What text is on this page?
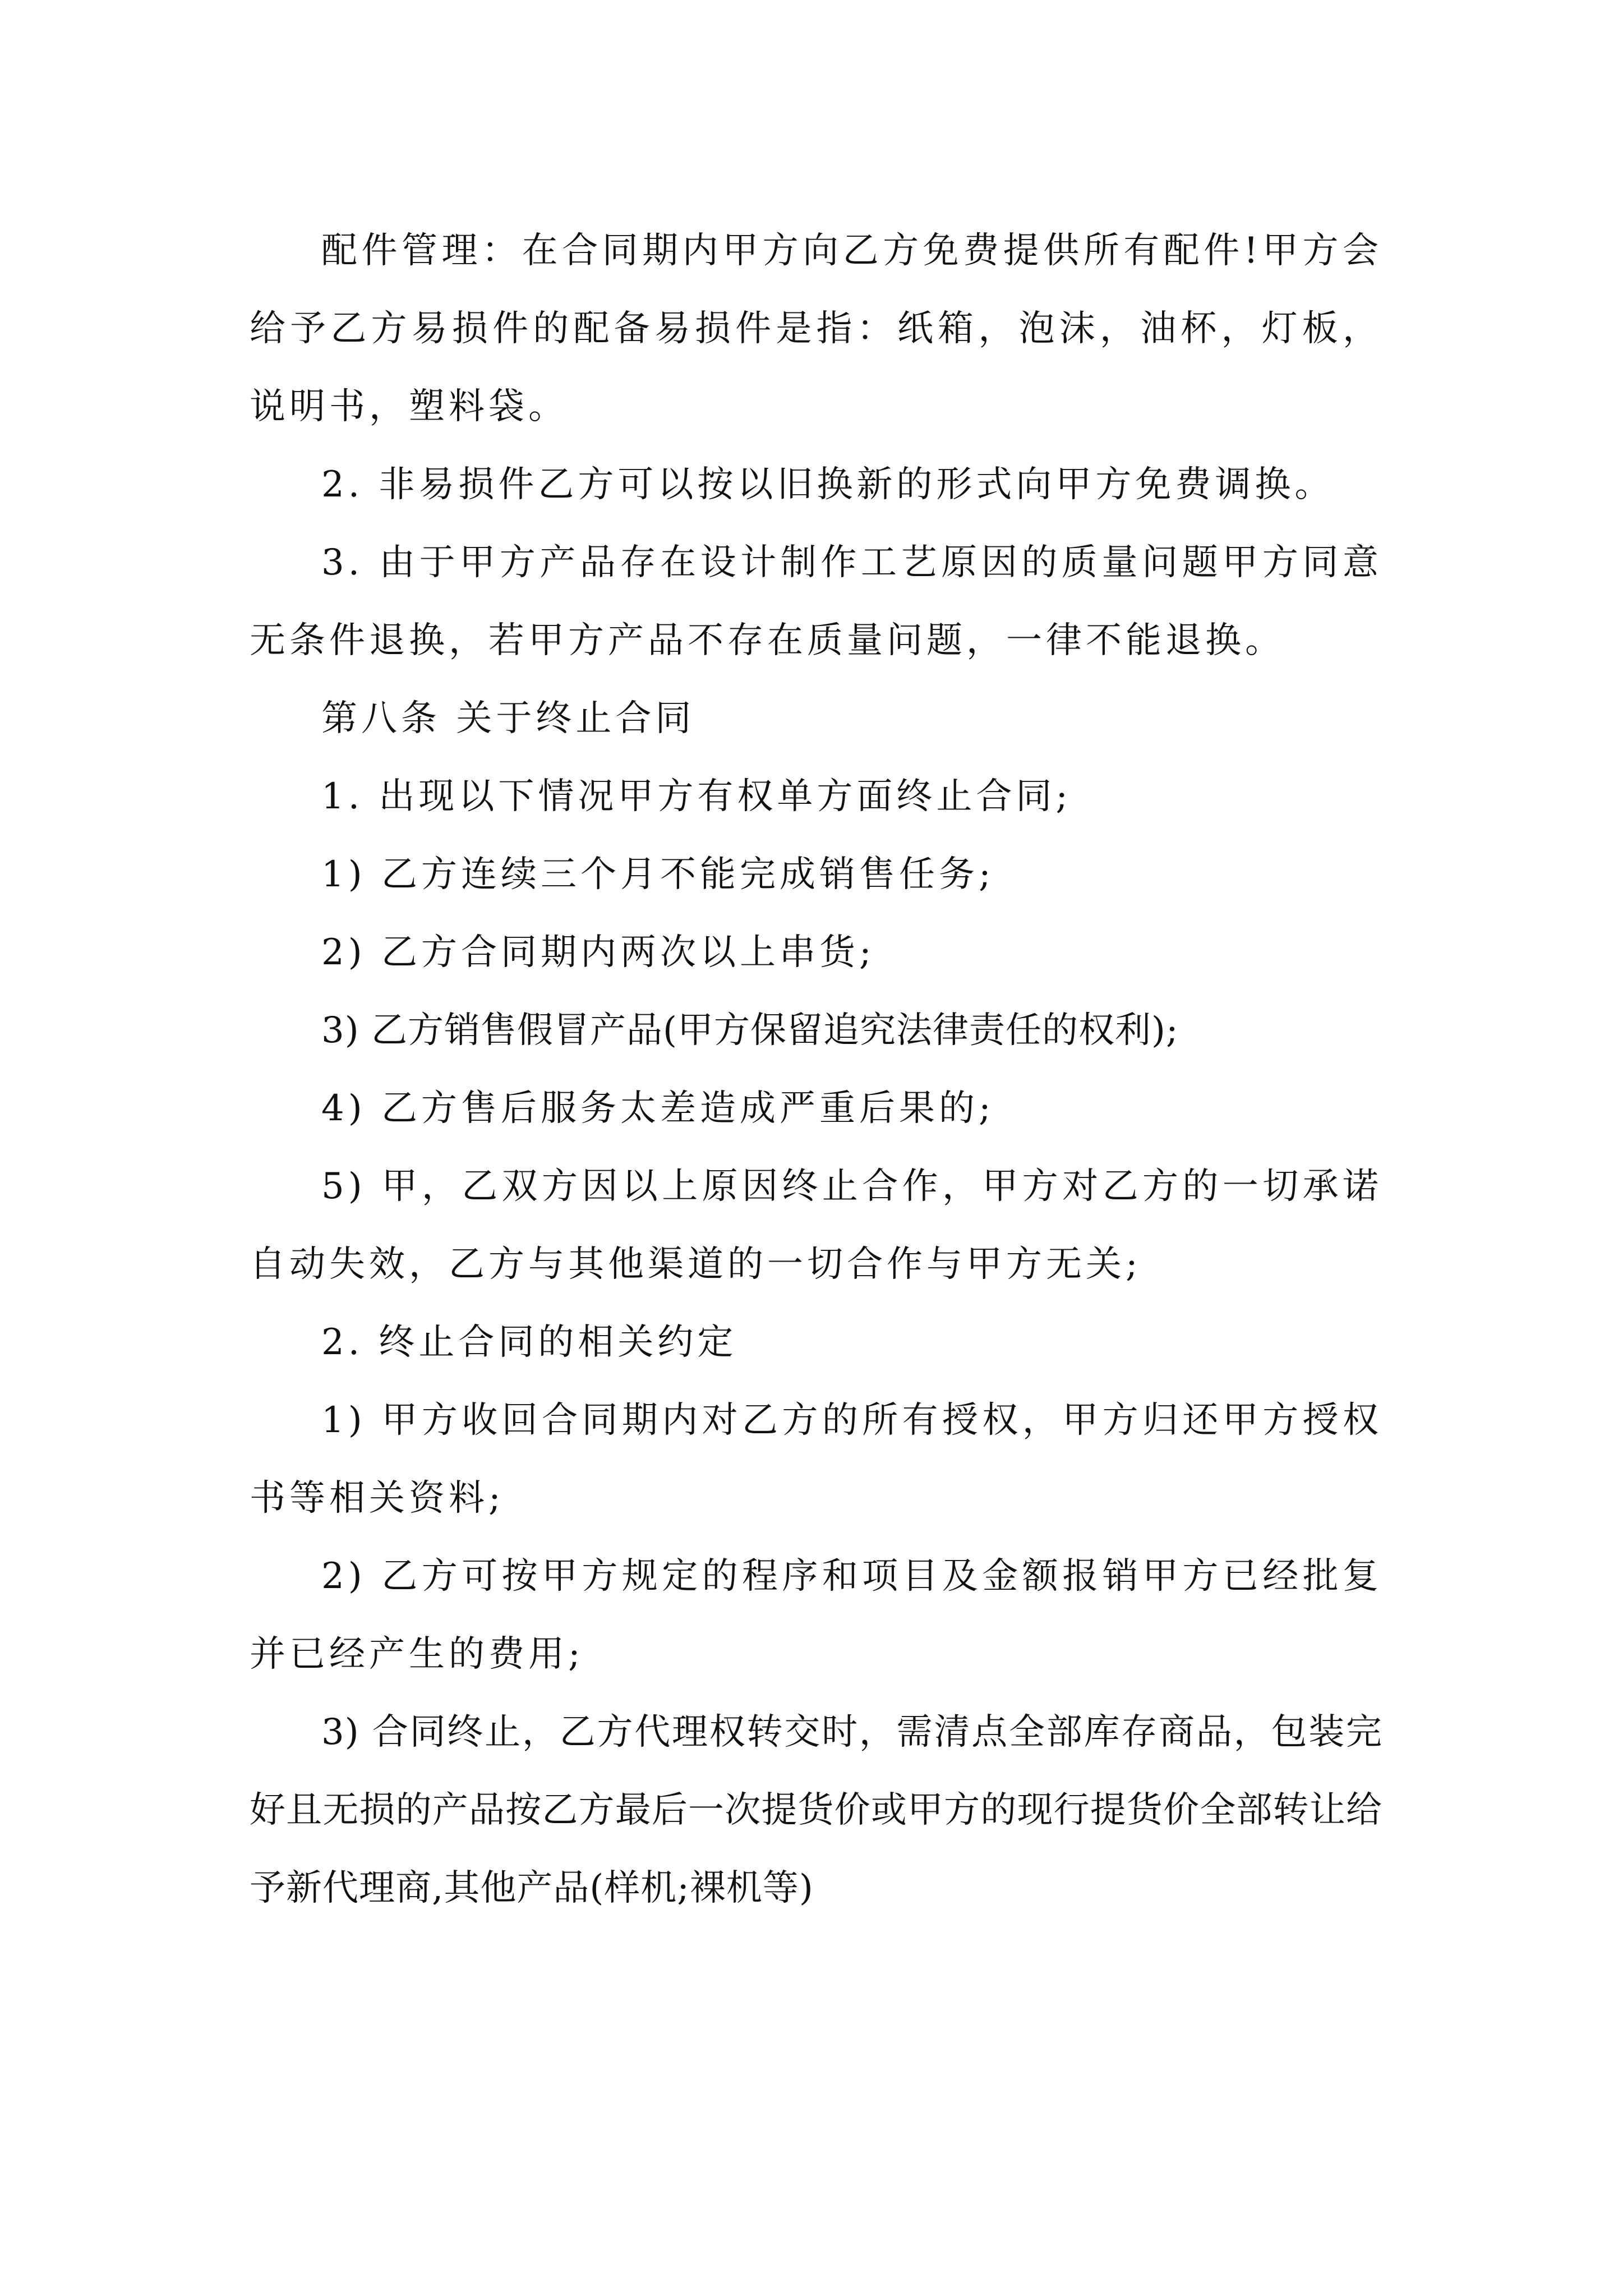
配件管理：在合同期内甲方向乙方免费提供所有配件!甲方会给予乙方易损件的配备易损件是指：纸箱，泡沫，油杯，灯板，说明书，塑料袋。

2. 非易损件乙方可以按以旧换新的形式向甲方免费调换。

3. 由于甲方产品存在设计制作工艺原因的质量问题甲方同意无条件退换，若甲方产品不存在质量问题，一律不能退换。

第八条 关于终止合同

1. 出现以下情况甲方有权单方面终止合同;

1) 乙方连续三个月不能完成销售任务;

2) 乙方合同期内两次以上串货;

3) 乙方销售假冒产品(甲方保留追究法律责任的权利);

4) 乙方售后服务太差造成严重后果的;

5) 甲，乙双方因以上原因终止合作，甲方对乙方的一切承诺自动失效，乙方与其他渠道的一切合作与甲方无关;

2. 终止合同的相关约定

1) 甲方收回合同期内对乙方的所有授权，甲方归还甲方授权书等相关资料;

2) 乙方可按甲方规定的程序和项目及金额报销甲方已经批复并已经产生的费用;

3) 合同终止，乙方代理权转交时，需清点全部库存商品，包装完好且无损的产品按乙方最后一次提货价或甲方的现行提货价全部转让给予新代理商,其他产品(样机;裸机等)
